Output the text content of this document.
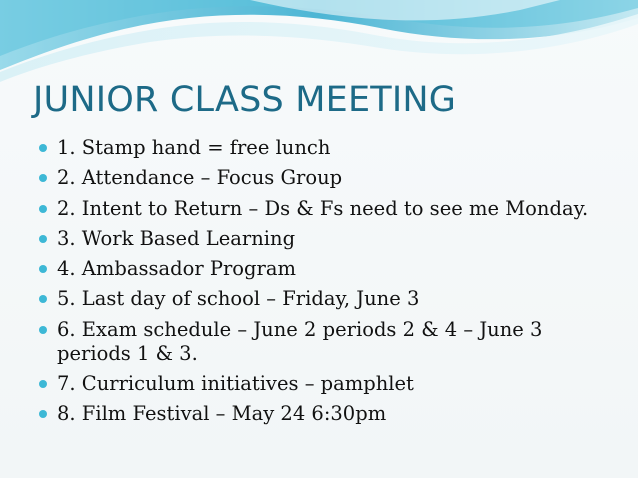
JUNIOR CLASS MEETING
1. Stamp hand = free lunch
2. Attendance – Focus Group
2. Intent to Return – Ds & Fs need to see me Monday.
3. Work Based Learning
4. Ambassador Program
5. Last day of school – Friday, June 3
6. Exam schedule – June 2 periods 2 & 4 – June 3 periods 1 & 3.
7. Curriculum initiatives – pamphlet
8. Film Festival – May 24 6:30pm
